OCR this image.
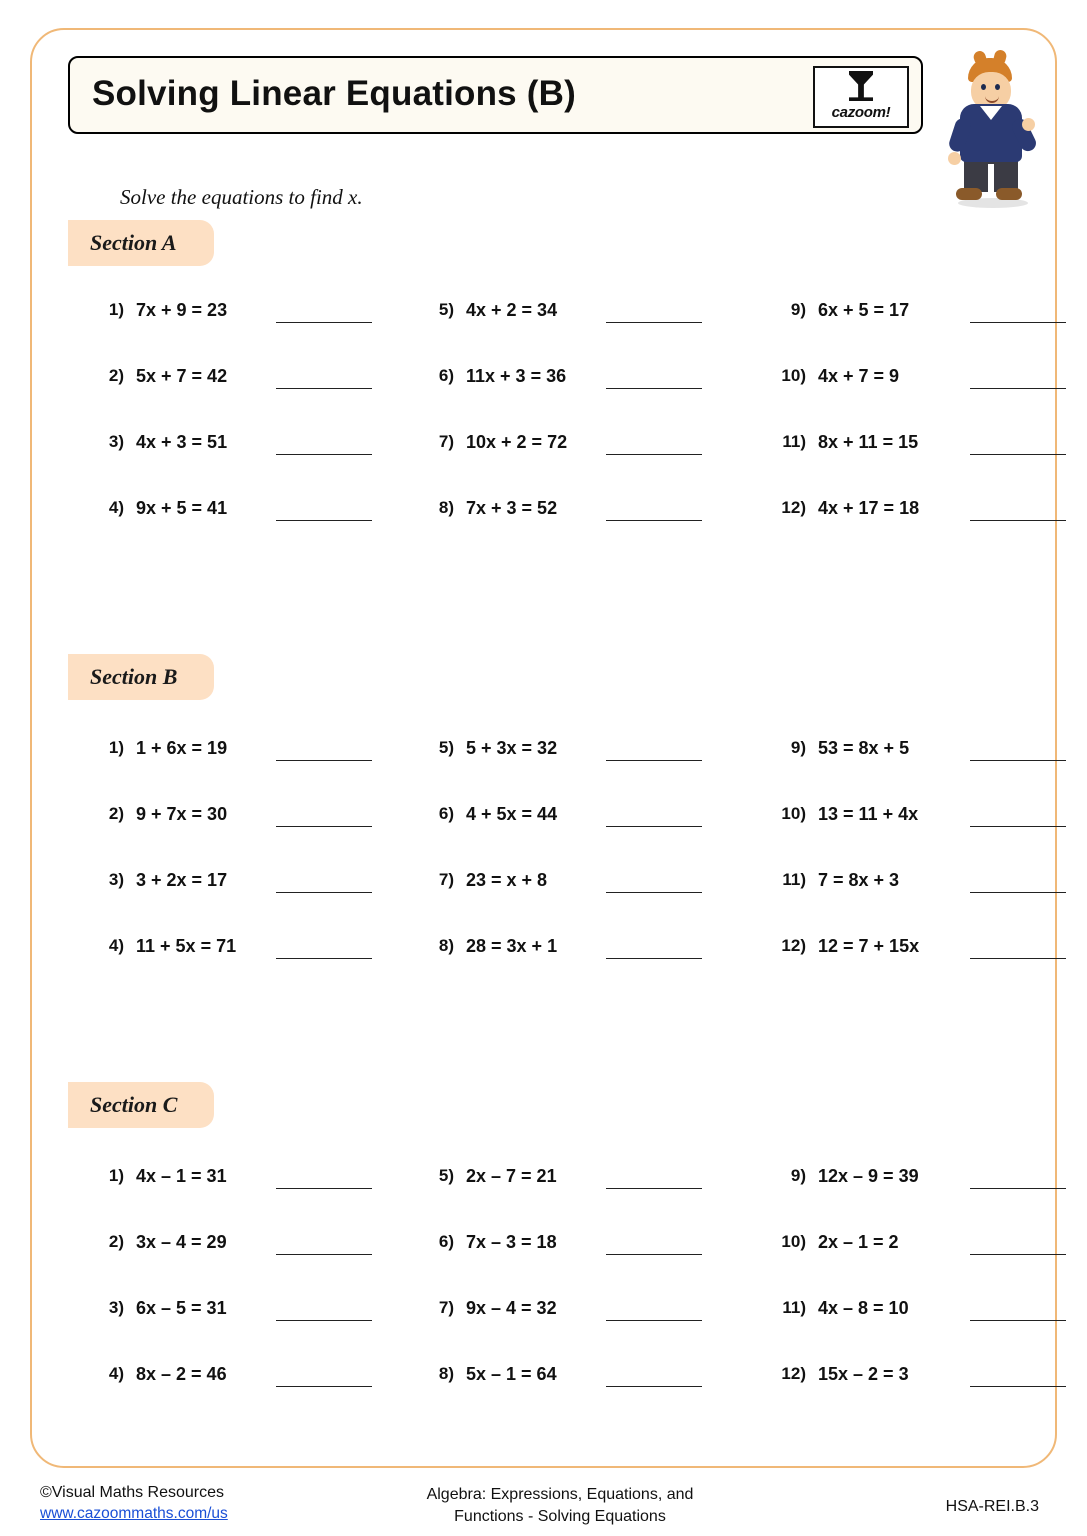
Solving Linear Equations (B)	cazoom!
Solve the equations to find x.
Section A
1) 7x + 9 = 23
2) 5x + 7 = 42
3) 4x + 3 = 51
4) 9x + 5 = 41
5) 4x + 2 = 34
6) 11x + 3 = 36
7) 10x + 2 = 72
8) 7x + 3 = 52
9) 6x + 5 = 17
10) 4x + 7 = 9
11) 8x + 11 = 15
12) 4x + 17 = 18
Section B
1) 1 + 6x = 19
2) 9 + 7x = 30
3) 3 + 2x = 17
4) 11 + 5x = 71
5) 5 + 3x = 32
6) 4 + 5x = 44
7) 23 = x + 8
8) 28 = 3x + 1
9) 53 = 8x + 5
10) 13 = 11 + 4x
11) 7 = 8x + 3
12) 12 = 7 + 15x
Section C
1) 4x – 1 = 31
2) 3x – 4 = 29
3) 6x – 5 = 31
4) 8x – 2 = 46
5) 2x – 7 = 21
6) 7x – 3 = 18
7) 9x – 4 = 32
8) 5x – 1 = 64
9) 12x – 9 = 39
10) 2x – 1 = 2
11) 4x – 8 = 10
12) 15x – 2 = 3
©Visual Maths Resources
www.cazoommaths.com/us
Algebra: Expressions, Equations, and
Functions - Solving Equations
HSA-REI.B.3
